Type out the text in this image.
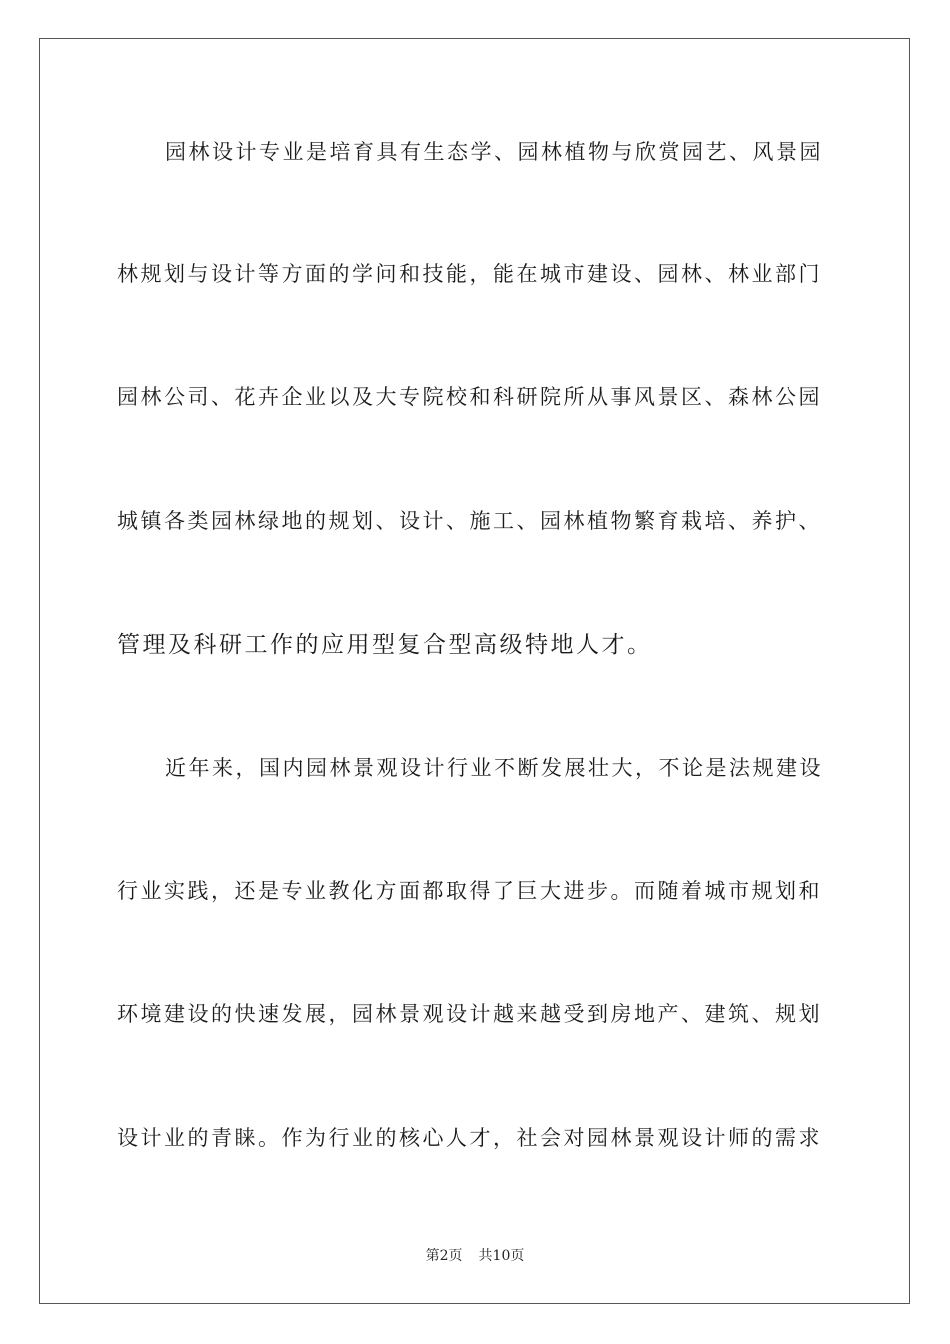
园林设计专业是培育具有生态学、园林植物与欣赏园艺、风景园
林规划与设计等方面的学问和技能，能在城市建设、园林、林业部门
园林公司、花卉企业以及大专院校和科研院所从事风景区、森林公园
城镇各类园林绿地的规划、设计、施工、园林植物繁育栽培、养护、
管理及科研工作的应用型复合型高级特地人才。
近年来，国内园林景观设计行业不断发展壮大，不论是法规建设
行业实践，还是专业教化方面都取得了巨大进步。而随着城市规划和
环境建设的快速发展，园林景观设计越来越受到房地产、建筑、规划
设计业的青睐。作为行业的核心人才，社会对园林景观设计师的需求
第2页 共10页
